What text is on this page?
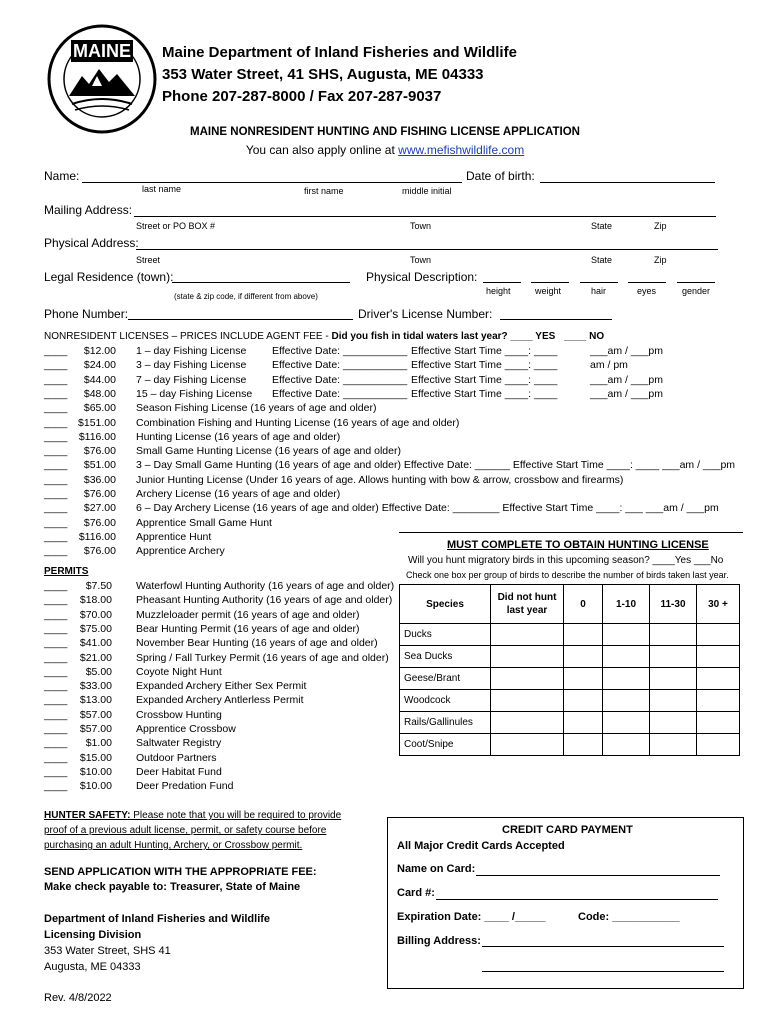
MAINE Maine Department of Inland Fisheries and Wildlife
353 Water Street, 41 SHS, Augusta, ME 04333
Phone 207-287-8000 / Fax 207-287-9037
MAINE NONRESIDENT HUNTING AND FISHING LICENSE APPLICATION
You can also apply online at www.mefishwildlife.com
Name:	Date of birth:
last name	first name	middle initial
Mailing Address:
Street or PO BOX #	Town	State	Zip
Physical Address:
Street	Town	State	Zip
Legal Residence (town):
(state & zip code, if different from above)
Physical Description:
height	weight	hair	eyes	gender
Phone Number:	Driver's License Number:
NONRESIDENT LICENSES – PRICES INCLUDE AGENT FEE - Did you fish in tidal waters last year? ____ YES ____ NO
____ $12.00 1 – day Fishing License Effective Date: ___________ Effective Start Time ____: ____	___am / ___pm
____ $24.00 3 – day Fishing License Effective Date: ___________ Effective Start Time ____: ____	am / pm
____ $44.00 7 – day Fishing License Effective Date: ___________ Effective Start Time ____: ____	___am / ___pm
____ $48.00 15 – day Fishing License Effective Date: ___________ Effective Start Time ____: ____	___am / ___pm
____ $65.00 Season Fishing License (16 years of age and older)
____ $151.00 Combination Fishing and Hunting License (16 years of age and older)
____ $116.00 Hunting License (16 years of age and older)
____ $76.00 Small Game Hunting License (16 years of age and older)
____ $51.00 3 – Day Small Game Hunting (16 years of age and older) Effective Date: ______ Effective Start Time ____: ____ ___am / ___pm
____ $36.00 Junior Hunting License (Under 16 years of age. Allows hunting with bow & arrow, crossbow and firearms)
____ $76.00 Archery License (16 years of age and older)
____ $27.00 6 – Day Archery License (16 years of age and older) Effective Date: ________ Effective Start Time ____: ___ ___am / ___pm
____ $76.00 Apprentice Small Game Hunt
____ $116.00 Apprentice Hunt
____ $76.00 Apprentice Archery
PERMITS
____ $7.50 Waterfowl Hunting Authority (16 years of age and older)
____ $18.00 Pheasant Hunting Authority (16 years of age and older)
____ $70.00 Muzzleloader permit (16 years of age and older)
____ $75.00 Bear Hunting Permit (16 years of age and older)
____ $41.00 November Bear Hunting (16 years of age and older)
____ $21.00 Spring / Fall Turkey Permit (16 years of age and older)
____ $5.00 Coyote Night Hunt
____ $33.00 Expanded Archery Either Sex Permit
____ $13.00 Expanded Archery Antlerless Permit
____ $57.00 Crossbow Hunting
____ $57.00 Apprentice Crossbow
____ $1.00 Saltwater Registry
____ $15.00 Outdoor Partners
____ $10.00 Deer Habitat Fund
____ $10.00 Deer Predation Fund
MUST COMPLETE TO OBTAIN HUNTING LICENSE
Will you hunt migratory birds in this upcoming season? ____Yes ___No
Check one box per group of birds to describe the number of birds taken last year.
Species	Did not hunt last year	0	1-10	11-30	30 +
Ducks					
Sea Ducks					
Geese/Brant					
Woodcock					
Rails/Gallinules					
Coot/Snipe					
HUNTER SAFETY: Please note that you will be required to provide
proof of a previous adult license, permit, or safety course before
purchasing an adult Hunting, Archery, or Crossbow permit.
SEND APPLICATION WITH THE APPROPRIATE FEE:
Make check payable to: Treasurer, State of Maine
Department of Inland Fisheries and Wildlife
Licensing Division
353 Water Street, SHS 41
Augusta, ME 04333
Rev. 4/8/2022
CREDIT CARD PAYMENT
All Major Credit Cards Accepted
Name on Card:
Card #:
Expiration Date: ____ /_____	Code: ___________
Billing Address:
